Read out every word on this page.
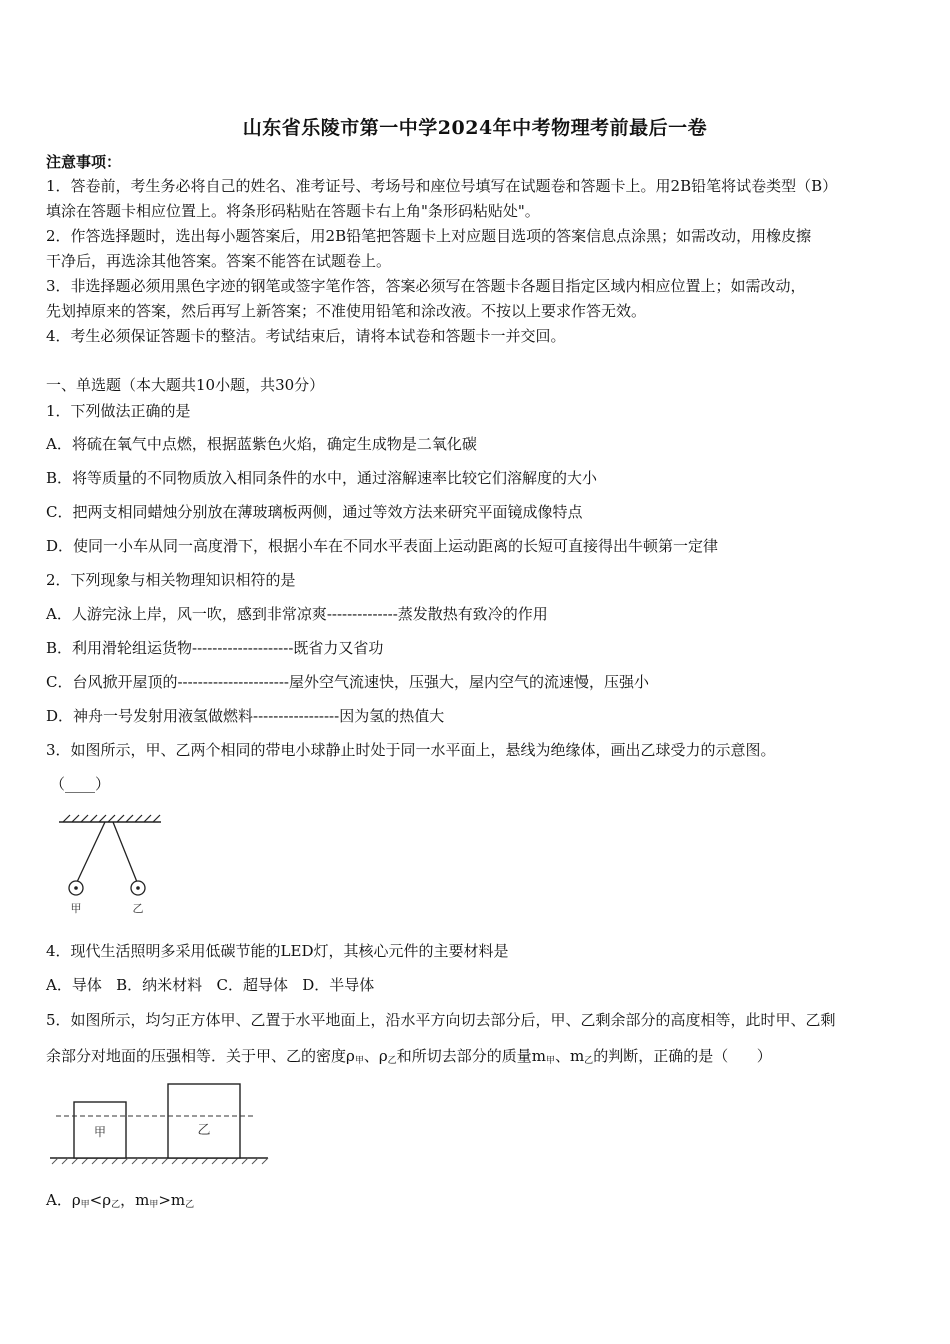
山东省乐陵市第一中学2024年中考物理考前最后一卷
注意事项：
1．答卷前，考生务必将自己的姓名、准考证号、考场号和座位号填写在试题卷和答题卡上。用2B铅笔将试卷类型（B）
填涂在答题卡相应位置上。将条形码粘贴在答题卡右上角"条形码粘贴处"。
2．作答选择题时，选出每小题答案后，用2B铅笔把答题卡上对应题目选项的答案信息点涂黑；如需改动，用橡皮擦
干净后，再选涂其他答案。答案不能答在试题卷上。
3．非选择题必须用黑色字迹的钢笔或签字笔作答，答案必须写在答题卡各题目指定区域内相应位置上；如需改动，
先划掉原来的答案，然后再写上新答案；不准使用铅笔和涂改液。不按以上要求作答无效。
4．考生必须保证答题卡的整洁。考试结束后，请将本试卷和答题卡一并交回。
一、单选题（本大题共10小题，共30分）
1．下列做法正确的是
A．将硫在氧气中点燃，根据蓝紫色火焰，确定生成物是二氧化碳
B．将等质量的不同物质放入相同条件的水中，通过溶解速率比较它们溶解度的大小
C．把两支相同蜡烛分别放在薄玻璃板两侧，通过等效方法来研究平面镜成像特点
D．使同一小车从同一高度滑下，根据小车在不同水平表面上运动距离的长短可直接得出牛顿第一定律
2．下列现象与相关物理知识相符的是
A．人游完泳上岸，风一吹，感到非常凉爽--------------蒸发散热有致冷的作用
B．利用滑轮组运货物--------------------既省力又省功
C．台风掀开屋顶的----------------------屋外空气流速快，压强大，屋内空气的流速慢，压强小
D．神舟一号发射用液氢做燃料-----------------因为氢的热值大
3．如图所示，甲、乙两个相同的带电小球静止时处于同一水平面上，悬线为绝缘体，画出乙球受力的示意图。
（____）
甲	乙
4．现代生活照明多采用低碳节能的LED灯，其核心元件的主要材料是
A．导体   B．纳米材料   C．超导体   D．半导体
5．如图所示，均匀正方体甲、乙置于水平地面上，沿水平方向切去部分后，甲、乙剩余部分的高度相等，此时甲、乙剩
余部分对地面的压强相等．关于甲、乙的密度$\rho_甲$、$\rho_乙$和所切去部分的质量$m_甲$、$m_乙$的判断，正确的是（      ）
甲	乙
A．$\rho_甲<\rho_乙$，$m_甲>m_乙$
